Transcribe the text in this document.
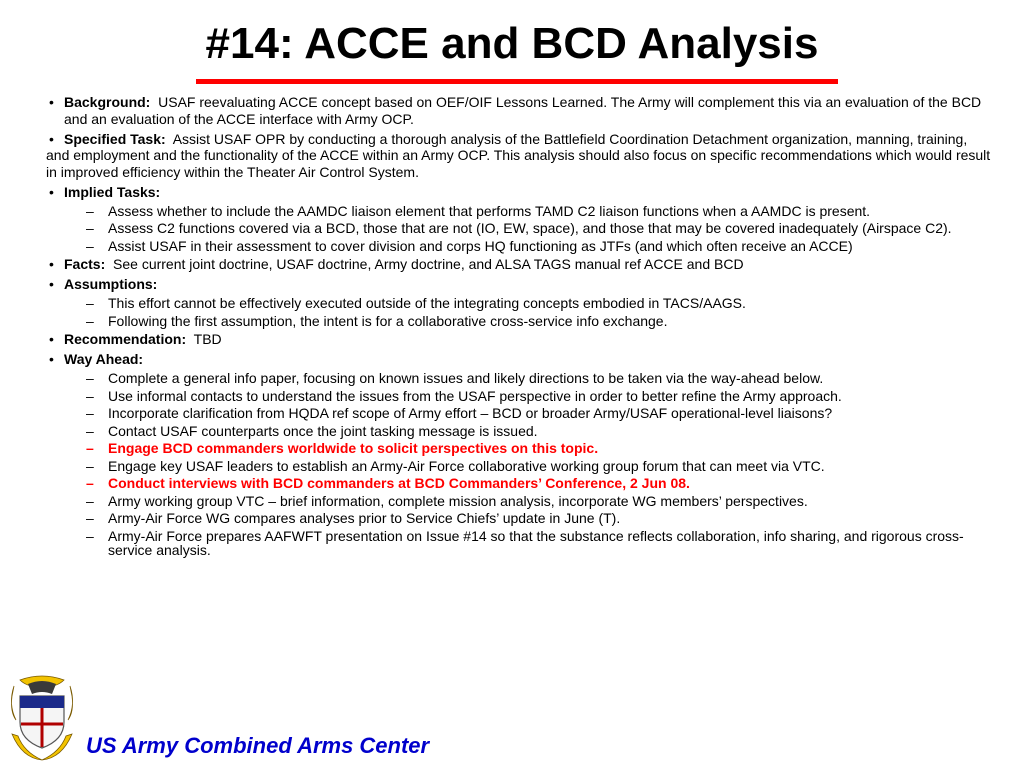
#14: ACCE and BCD Analysis
• Background: USAF reevaluating ACCE concept based on OEF/OIF Lessons Learned. The Army will complement this via an evaluation of the BCD and an evaluation of the ACCE interface with Army OCP.
• Specified Task: Assist USAF OPR by conducting a thorough analysis of the Battlefield Coordination Detachment organization, manning, training, and employment and the functionality of the ACCE within an Army OCP. This analysis should also focus on specific recommendations which would result in improved efficiency within the Theater Air Control System.
• Implied Tasks:
– Assess whether to include the AAMDC liaison element that performs TAMD C2 liaison functions when a AAMDC is present.
– Assess C2 functions covered via a BCD, those that are not (IO, EW, space), and those that may be covered inadequately (Airspace C2).
– Assist USAF in their assessment to cover division and corps HQ functioning as JTFs (and which often receive an ACCE)
• Facts: See current joint doctrine, USAF doctrine, Army doctrine, and ALSA TAGS manual ref ACCE and BCD
• Assumptions:
– This effort cannot be effectively executed outside of the integrating concepts embodied in TACS/AAGS.
– Following the first assumption, the intent is for a collaborative cross-service info exchange.
• Recommendation: TBD
• Way Ahead:
– Complete a general info paper, focusing on known issues and likely directions to be taken via the way-ahead below.
– Use informal contacts to understand the issues from the USAF perspective in order to better refine the Army approach.
– Incorporate clarification from HQDA ref scope of Army effort – BCD or broader Army/USAF operational-level liaisons?
– Contact USAF counterparts once the joint tasking message is issued.
– Engage BCD commanders worldwide to solicit perspectives on this topic.
– Engage key USAF leaders to establish an Army-Air Force collaborative working group forum that can meet via VTC.
– Conduct interviews with BCD commanders at BCD Commanders’ Conference, 2 Jun 08.
– Army working group VTC – brief information, complete mission analysis, incorporate WG members’ perspectives.
– Army-Air Force WG compares analyses prior to Service Chiefs’ update in June (T).
– Army-Air Force prepares AAFWFT presentation on Issue #14 so that the substance reflects collaboration, info sharing, and rigorous cross-service analysis.
US Army Combined Arms Center
